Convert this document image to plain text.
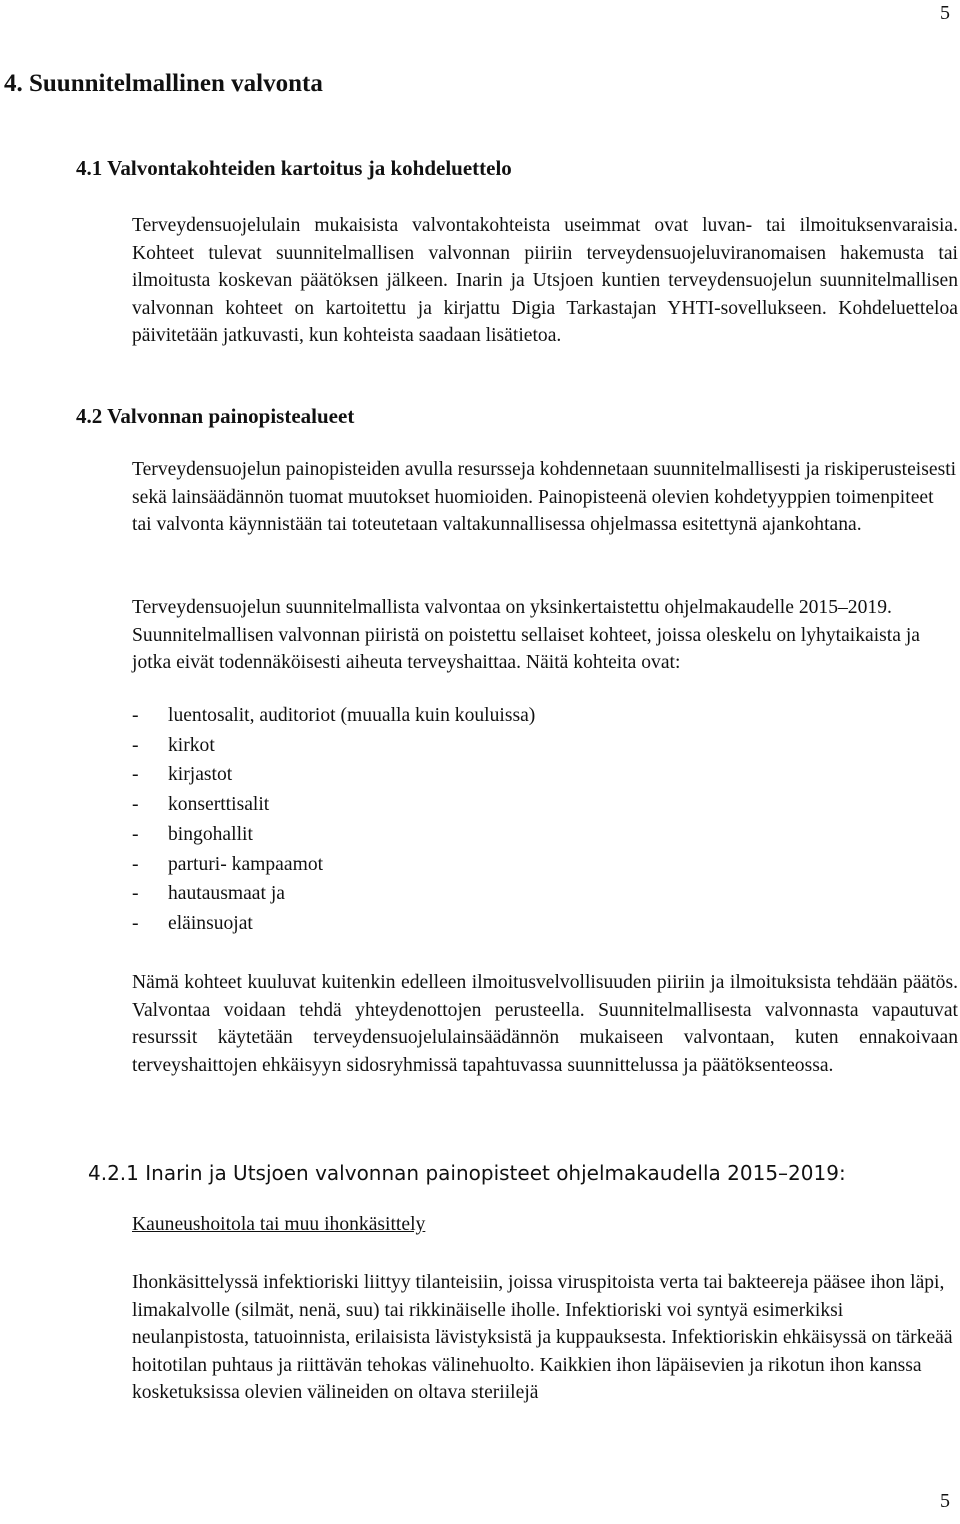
5
4. Suunnitelmallinen valvonta
4.1 Valvontakohteiden kartoitus ja kohdeluettelo

Terveydensuojelulain mukaisista valvontakohteista useimmat ovat luvan- tai ilmoituksenvaraisia. Kohteet tulevat suunnitelmallisen valvonnan piiriin terveydensuojeluviranomaisen hakemusta tai ilmoitusta koskevan päätöksen jälkeen. Inarin ja Utsjoen kuntien terveydensuojelun suunnitelmallisen valvonnan kohteet on kartoitettu ja kirjattu Digia Tarkastajan YHTI-sovellukseen. Kohdeluetteloa päivitetään jatkuvasti, kun kohteista saadaan lisätietoa.

4.2 Valvonnan painopistealueet

Terveydensuojelun painopisteiden avulla resursseja kohdennetaan suunnitelmallisesti ja riskiperusteisesti sekä lainsäädännön tuomat muutokset huomioiden. Painopisteenä olevien kohdetyyppien toimenpiteet tai valvonta käynnistään tai toteutetaan valtakunnallisessa ohjelmassa esitettynä ajankohtana.

Terveydensuojelun suunnitelmallista valvontaa on yksinkertaistettu ohjelmakaudelle 2015–2019. Suunnitelmallisen valvonnan piiristä on poistettu sellaiset kohteet, joissa oleskelu on lyhytaikaista ja jotka eivät todennäköisesti aiheuta terveyshaittaa. Näitä kohteita ovat:

- luentosalit, auditoriot (muualla kuin kouluissa)
- kirkot
- kirjastot
- konserttisalit
- bingohallit
- parturi- kampaamot
- hautausmaat ja
- eläinsuojat

Nämä kohteet kuuluvat kuitenkin edelleen ilmoitusvelvollisuuden piiriin ja ilmoituksista tehdään päätös. Valvontaa voidaan tehdä yhteydenottojen perusteella. Suunnitelmallisesta valvonnasta vapautuvat resurssit käytetään terveydensuojelulainsäädännön mukaiseen valvontaan, kuten ennakoivaan terveyshaittojen ehkäisyyn sidosryhmissä tapahtuvassa suunnittelussa ja päätöksenteossa.

4.2.1 Inarin ja Utsjoen valvonnan painopisteet ohjelmakaudella 2015–2019:
Kauneushoitola tai muu ihonkäsittely

Ihonkäsittelyssä infektioriski liittyy tilanteisiin, joissa viruspitoista verta tai bakteereja pääsee ihon läpi, limakalvolle (silmät, nenä, suu) tai rikkinäiselle iholle. Infektioriski voi syntyä esimerkiksi neulanpistosta, tatuoinnista, erilaisista lävistyksistä ja kuppauksesta. Infektioriskin ehkäisyssä on tärkeää hoitotilan puhtaus ja riittävän tehokas välinehuolto. Kaikkien ihon läpäisevien ja rikotun ihon kanssa kosketuksissa olevien välineiden on oltava steriilejä

5
